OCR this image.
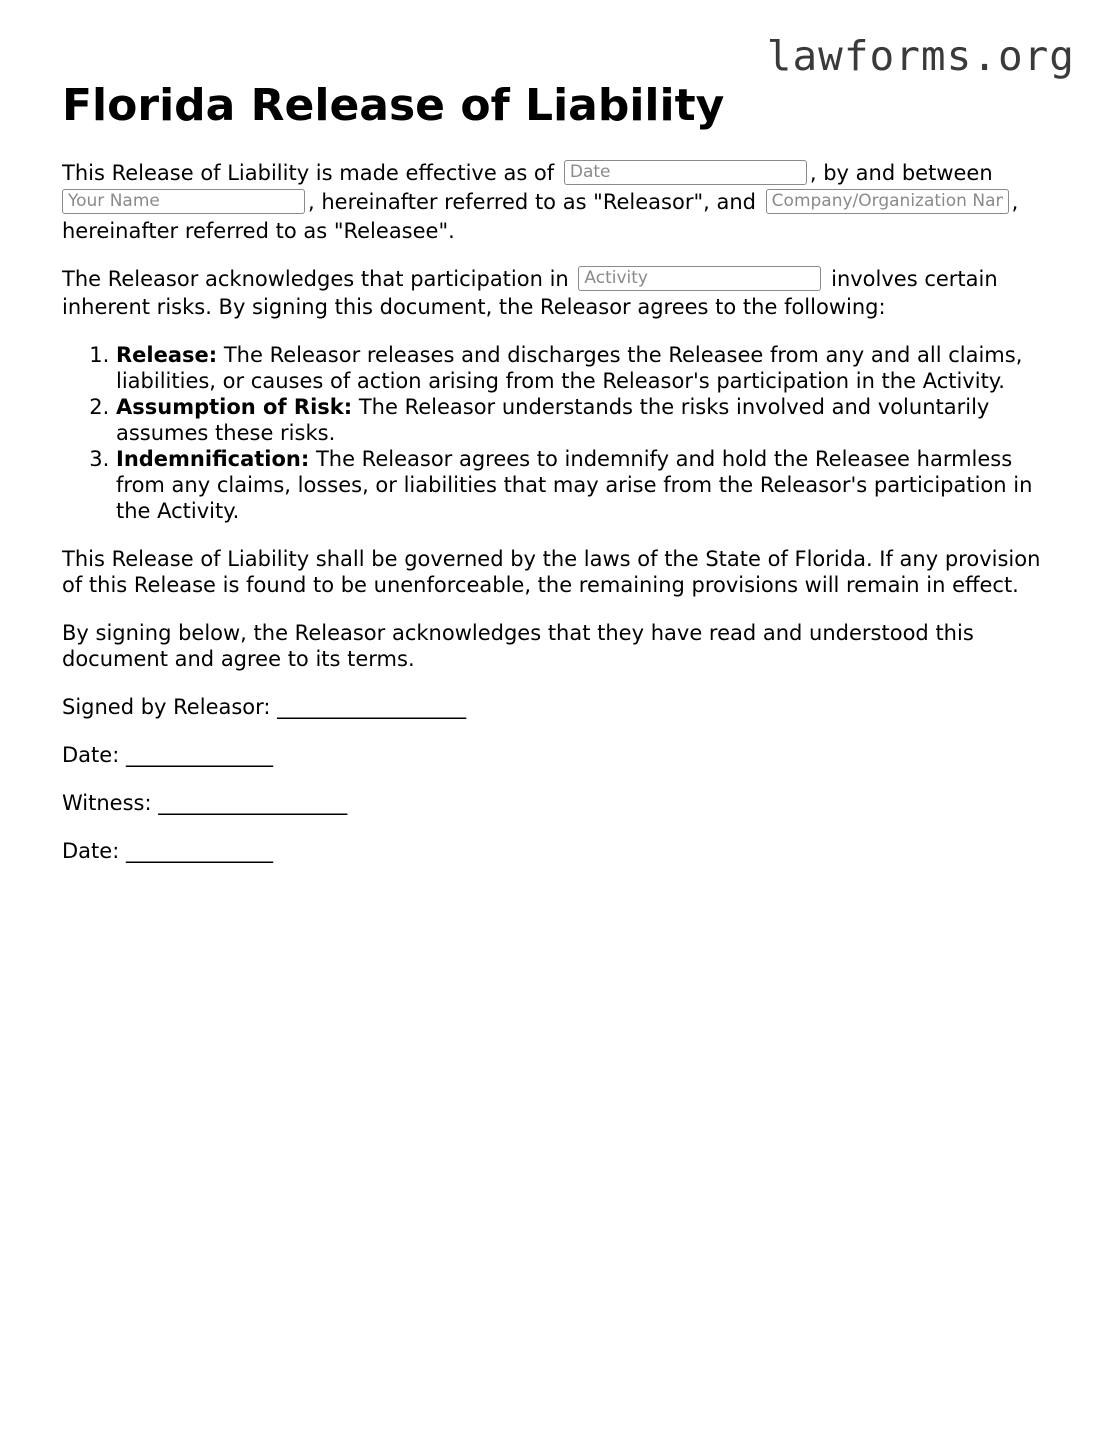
lawforms.org
Florida Release of Liability

This Release of Liability is made effective as of Date	, by and between
Your Name, hereinafter referred to as "Releasor", and Company/Organization Name	,
hereinafter referred to as "Releasee".

The Releasor acknowledges that participation in Activity	involves certain inherent risks. By signing this document, the Releasor agrees to the following:

1. Release: The Releasor releases and discharges the Releasee from any and all claims, liabilities, or causes of action arising from the Releasor's participation in the Activity.
2. Assumption of Risk: The Releasor understands the risks involved and voluntarily assumes these risks.
3. Indemnification: The Releasor agrees to indemnify and hold the Releasee harmless from any claims, losses, or liabilities that may arise from the Releasor's participation in the Activity.

This Release of Liability shall be governed by the laws of the State of Florida. If any provision of this Release is found to be unenforceable, the remaining provisions will remain in effect.

By signing below, the Releasor acknowledges that they have read and understood this document and agree to its terms.

Signed by Releasor: __________________
Date: ______________
Witness: __________________
Date: ______________
